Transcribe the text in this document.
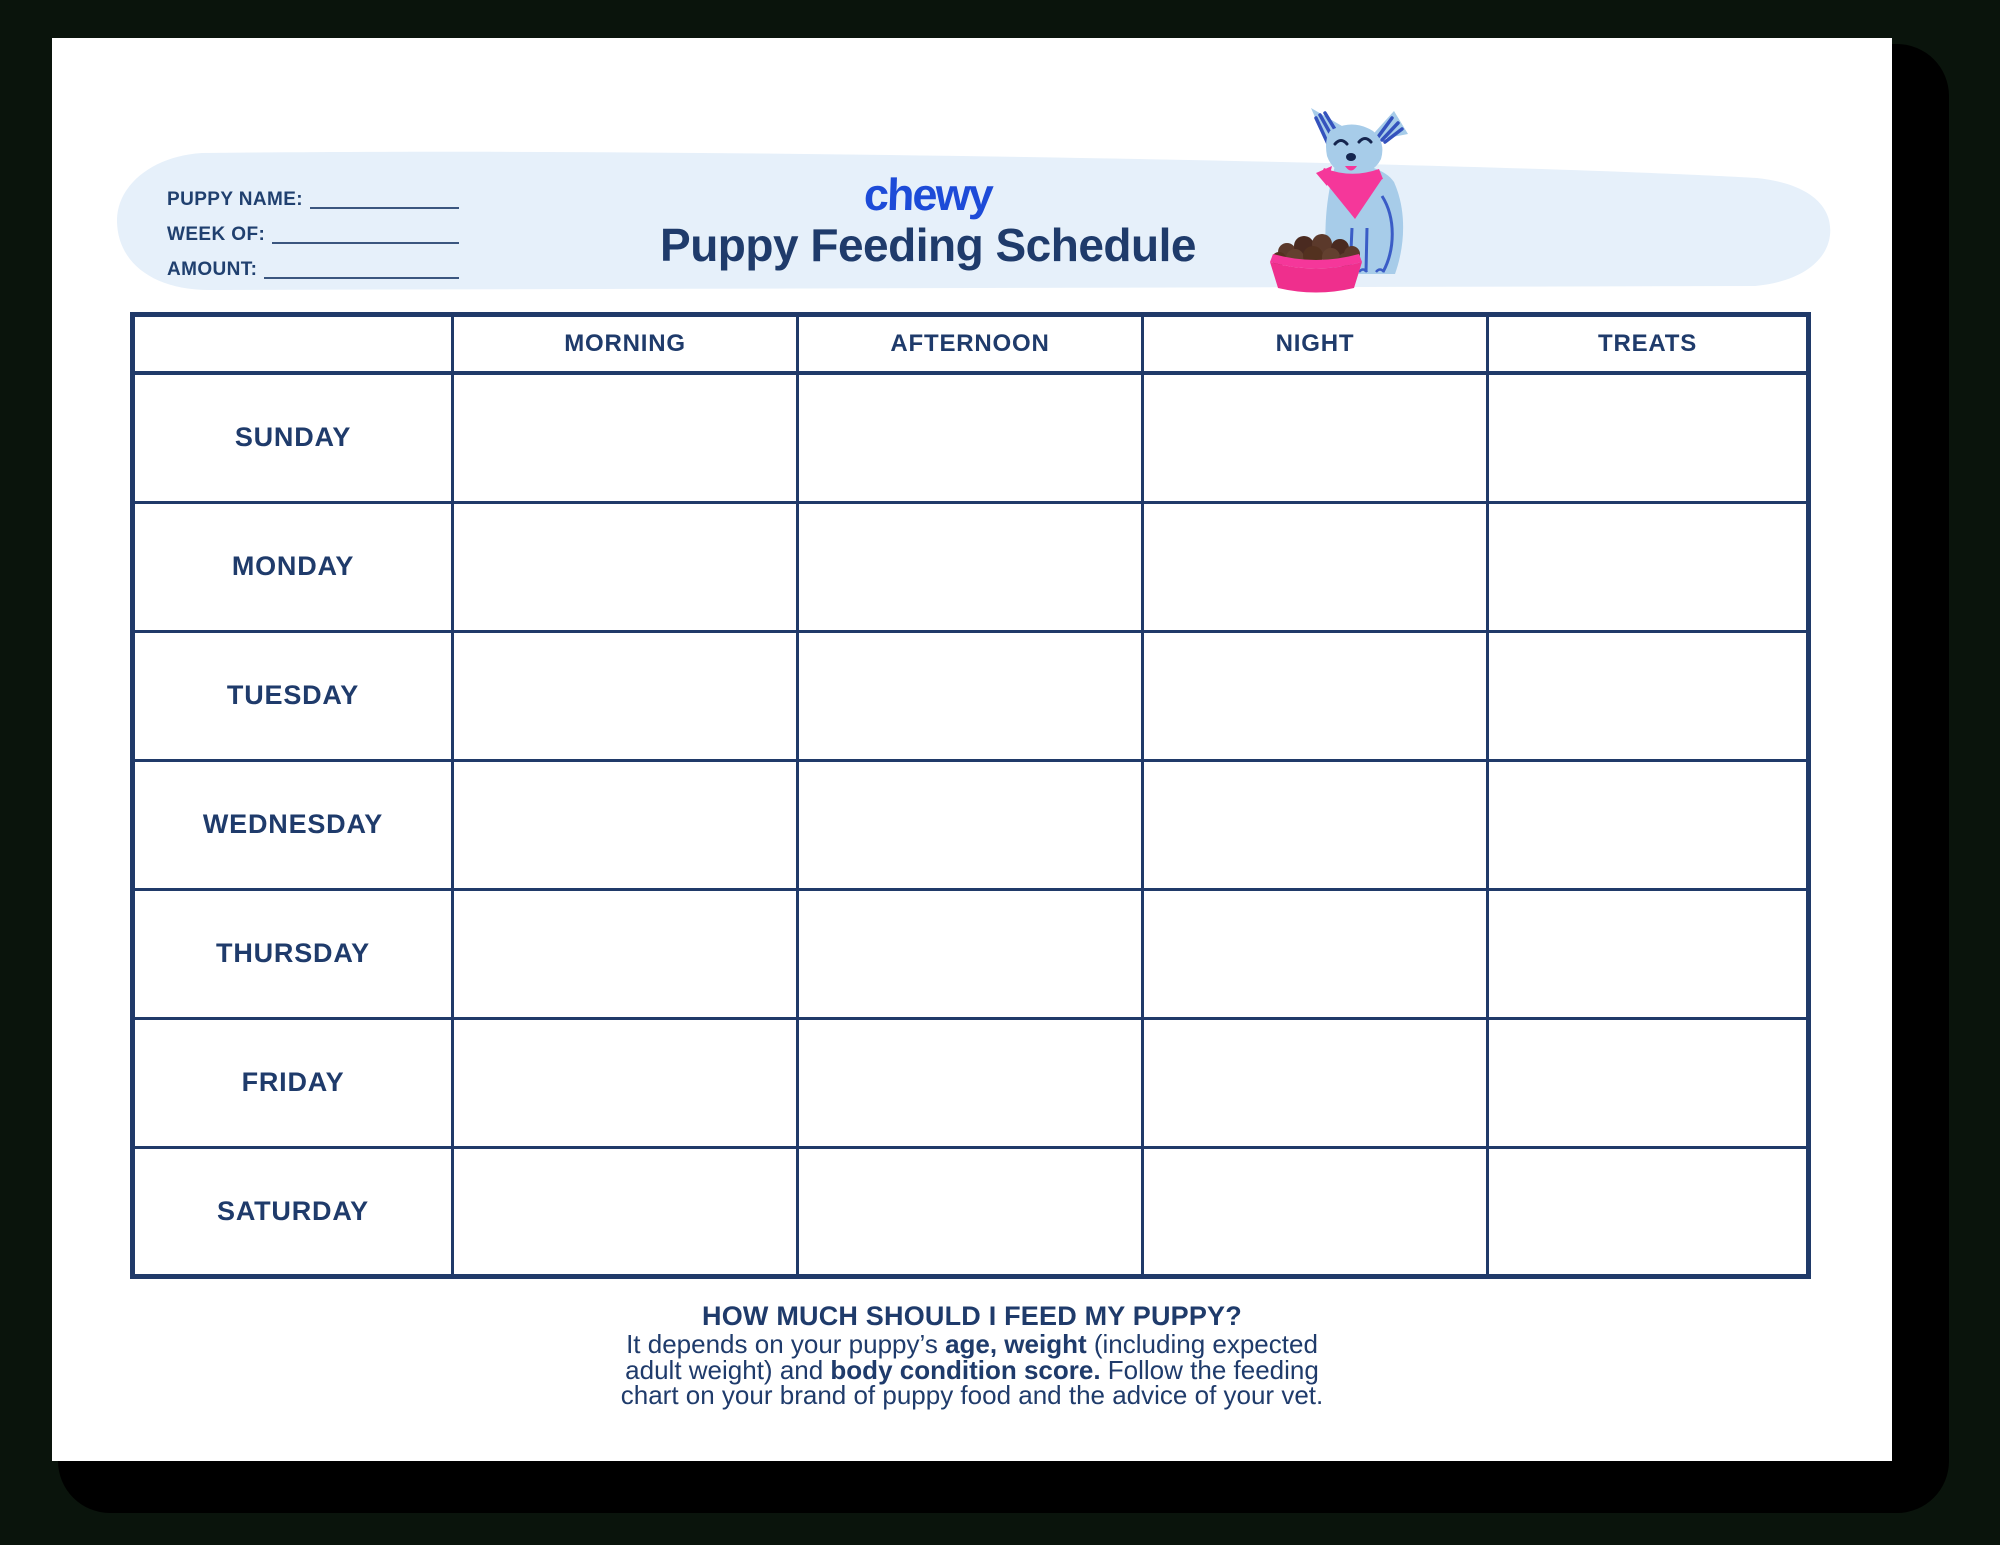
PUPPY NAME:
WEEK OF:
AMOUNT:
chewy
Puppy Feeding Schedule
	MORNING	AFTERNOON	NIGHT	TREATS
SUNDAY				
MONDAY				
TUESDAY				
WEDNESDAY				
THURSDAY				
FRIDAY				
SATURDAY				
HOW MUCH SHOULD I FEED MY PUPPY?
It depends on your puppy’s age, weight (including expected
adult weight) and body condition score. Follow the feeding
chart on your brand of puppy food and the advice of your vet.
